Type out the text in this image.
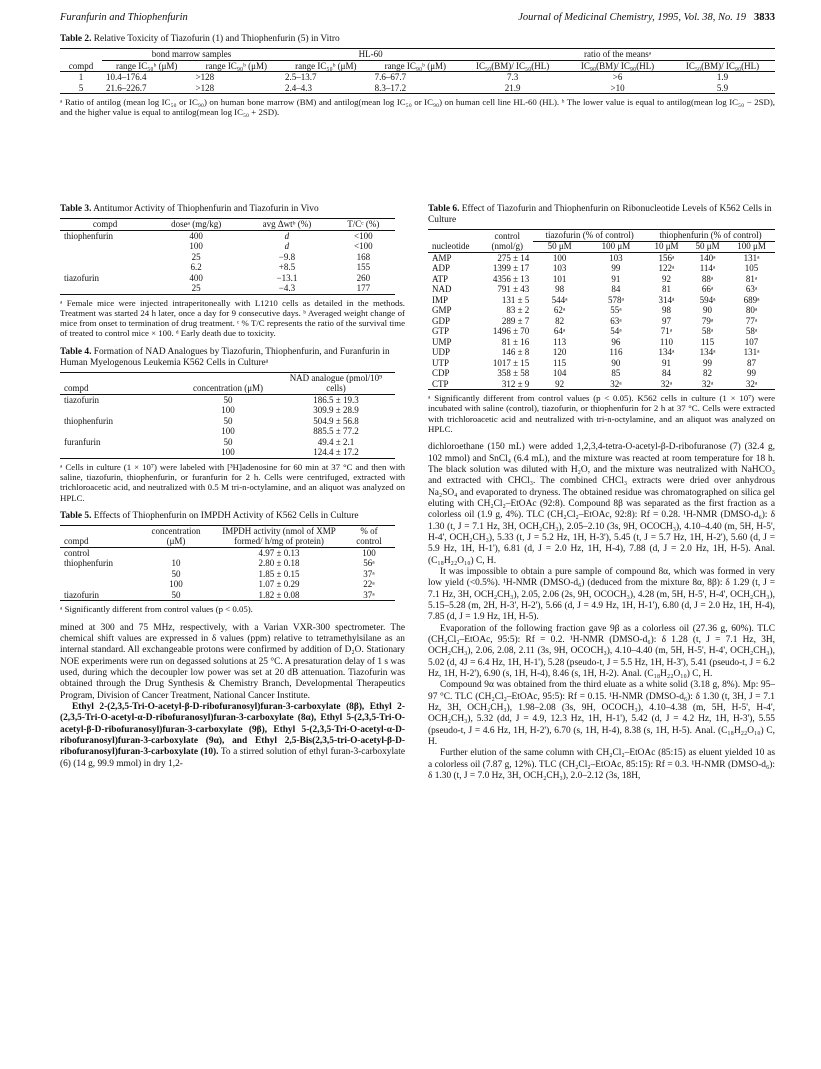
Furanfurin and Thiophenfurin	Journal of Medicinal Chemistry, 1995, Vol. 38, No. 19 3833
Table 2. Relative Toxicity of Tiazofurin (1) and Thiophenfurin (5) in Vitro
	bond marrow samples		HL-60		ratio of the meansᵃ		
compd	range IC₅₀ᵇ (μM)	range IC₉₀ᵇ (μM)	range IC₅₀ᵇ (μM)	range IC₉₀ᵇ (μM)	IC₅₀(BM)/ IC₅₀(HL)	IC₉₀(BM)/ IC₉₀(HL)	IC₅₀(BM)/ IC₉₀(HL)
1	10.4–176.4	>128	2.5–13.7	7.6–67.7	7.3	>6	1.9
5	21.6–226.7	>128	2.4–4.3	8.3–17.2	21.9	>10	5.9
ᵃ Ratio of antilog (mean log IC₅₀ or IC₉₀) on human bone marrow (BM) and antilog(mean log IC₅₀ or IC₉₀) on human cell line HL-60 (HL). ᵇ The lower value is equal to antilog(mean log IC₅₀ − 2SD), and the higher value is equal to antilog(mean log IC₅₀ + 2SD).
Table 3. Antitumor Activity of Thiophenfurin and Tiazofurin in Vivo
compd	doseᵃ (mg/kg)	avg Δwtᵇ (%)	T/Cᶜ (%)
thiophenfurin	400	d	<100
	100	d	<100
	25	−9.8	168
	6.2	+8.5	155
tiazofurin	400	−13.1	260
	25	−4.3	177
ᵃ Female mice were injected intraperitoneally with L1210 cells as detailed in the methods. Treatment was started 24 h later, once a day for 9 consecutive days. ᵇ Averaged weight change of mice from onset to termination of drug treatment. ᶜ % T/C represents the ratio of the survival time of treated to control mice × 100. ᵈ Early death due to toxicity.
Table 4. Formation of NAD Analogues by Tiazofurin, Thiophenfurin, and Furanfurin in Human Myelogenous Leukemia K562 Cells in Cultureᵃ
compd	concentration (μM)	NAD analogue (pmol/10⁹ cells)
tiazofurin	50	186.5 ± 19.3
	100	309.9 ± 28.9
thiophenfurin	50	504.9 ± 56.8
	100	885.5 ± 77.2
furanfurin	50	49.4 ± 2.1
	100	124.4 ± 17.2
ᵃ Cells in culture (1 × 10⁷) were labeled with [³H]adenosine for 60 min at 37 °C and then with saline, tiazofurin, thiophenfurin, or furanfurin for 2 h. Cells were centrifuged, extracted with trichloroacetic acid, and neutralized with 0.5 M tri-n-octylamine, and an aliquot was analyzed on HPLC.
Table 5. Effects of Thiophenfurin on IMPDH Activity of K562 Cells in Culture
compd	concentration (μM)	IMPDH activity (nmol of XMP formed/ h/mg of protein)	% of control
control		4.97 ± 0.13	100
thiophenfurin	10	2.80 ± 0.18	56ᵃ
	50	1.85 ± 0.15	37ᵃ
	100	1.07 ± 0.29	22ᵃ
tiazofurin	50	1.82 ± 0.08	37ᵃ
ᵃ Significantly different from control values (p < 0.05).

mined at 300 and 75 MHz, respectively, with a Varian VXR-300 spectrometer. The chemical shift values are expressed in δ values (ppm) relative to tetramethylsilane as an internal standard. All exchangeable protons were confirmed by addition of D₂O. Stationary NOE experiments were run on degassed solutions at 25 °C. A presaturation delay of 1 s was used, during which the decoupler low power was set at 20 dB attenuation. Tiazofurin was obtained through the Drug Synthesis & Chemistry Branch, Developmental Therapeutics Program, Division of Cancer Treatment, National Cancer Institute.

Ethyl 2-(2,3,5-Tri-O-acetyl-β-D-ribofuranosyl)furan-3-carboxylate (8β), Ethyl 2-(2,3,5-Tri-O-acetyl-α-D-ribofuranosyl)furan-3-carboxylate (8α), Ethyl 5-(2,3,5-Tri-O-acetyl-β-D-ribofuranosyl)furan-3-carboxylate (9β), Ethyl 5-(2,3,5-Tri-O-acetyl-α-D-ribofuranosyl)furan-3-carboxylate (9α), and Ethyl 2,5-Bis(2,3,5-tri-O-acetyl-β-D-ribofuranosyl)furan-3-carboxylate (10). To a stirred solution of ethyl furan-3-carboxylate (6) (14 g, 99.9 mmol) in dry 1,2-

Table 6. Effect of Tiazofurin and Thiophenfurin on Ribonucleotide Levels of K562 Cells in Culture
	control	tiazofurin (% of control)		thiophenfurin (% of control)		

nucleotide	(nmol/g)	50 μM	100 μM	10 μM	50 μM	100 μM
AMP	275 ± 14	100	103	156ᵃ	140ᵃ	131ᵃ
ADP	1399 ± 17	103	99	122ᵃ	114ᵃ	105
ATP	4356 ± 13	101	91	92	88ᵃ	81ᵃ
NAD	791 ± 43	98	84	81	66ᵃ	63ᵃ
IMP	131 ± 5	544ᵃ	578ᵃ	314ᵃ	594ᵃ	689ᵃ
GMP	83 ± 2	62ᵃ	55ᵃ	98	90	80ᵃ
GDP	289 ± 7	82	63ᵃ	97	79ᵃ	77ᵃ
GTP	1496 ± 70	64ᵃ	54ᵃ	71ᵃ	58ᵃ	58ᵃ
UMP	81 ± 16	113	96	110	115	107
UDP	146 ± 8	120	116	134ᵃ	134ᵃ	131ᵃ
UTP	1017 ± 15	115	90	91	99	87
CDP	358 ± 58	104	85	84	82	99
CTP	312 ± 9	92	32ᵃ	32ᵃ	32ᵃ	32ᵃ
ᵃ Significantly different from control values (p < 0.05). K562 cells in culture (1 × 10⁷) were incubated with saline (control), tiazofurin, or thiophenfurin for 2 h at 37 °C. Cells were extracted with trichloroacetic acid and neutralized with tri-n-octylamine, and an aliquot was analyzed on HPLC.

dichloroethane (150 mL) were added 1,2,3,4-tetra-O-acetyl-β-D-ribofuranose (7) (32.4 g, 102 mmol) and SnCl₄ (6.4 mL), and the mixture was reacted at room temperature for 18 h. The black solution was diluted with H₂O, and the mixture was neutralized with NaHCO₃ and extracted with CHCl₃. The combined CHCl₃ extracts were dried over anhydrous Na₂SO₄ and evaporated to dryness. The obtained residue was chromatographed on silica gel eluting with CH₂Cl₂–EtOAc (92:8). Compound 8β was separated as the first fraction as a colorless oil (1.9 g, 4%). TLC (CH₂Cl₂–EtOAc, 92:8): Rf = 0.28. ¹H-NMR (DMSO-d₆): δ 1.30 (t, J = 7.1 Hz, 3H, OCH₂CH₃), 2.05–2.10 (3s, 9H, OCOCH₃), 4.10–4.40 (m, 5H, H-5', H-4', OCH₂CH₃), 5.33 (t, J = 5.2 Hz, 1H, H-3'), 5.45 (t, J = 5.7 Hz, 1H, H-2'), 5.60 (d, J = 5.9 Hz, 1H, H-1'), 6.81 (d, J = 2.0 Hz, 1H, H-4), 7.88 (d, J = 2.0 Hz, 1H, H-5). Anal. (C₁₈H₂₂O₁₀) C, H.

It was impossible to obtain a pure sample of compound 8α, which was formed in very low yield (<0.5%). ¹H-NMR (DMSO-d₆) (deduced from the mixture 8α, 8β): δ 1.29 (t, J = 7.1 Hz, 3H, OCH₂CH₃), 2.05, 2.06 (2s, 9H, OCOCH₃), 4.28 (m, 5H, H-5', H-4', OCH₂CH₃), 5.15–5.28 (m, 2H, H-3', H-2'), 5.66 (d, J = 4.9 Hz, 1H, H-1'), 6.80 (d, J = 2.0 Hz, 1H, H-4), 7.85 (d, J = 1.9 Hz, 1H, H-5).

Evaporation of the following fraction gave 9β as a colorless oil (27.36 g, 60%). TLC (CH₂Cl₂–EtOAc, 95:5): Rf = 0.2. ¹H-NMR (DMSO-d₆): δ 1.28 (t, J = 7.1 Hz, 3H, OCH₂CH₃), 2.06, 2.08, 2.11 (3s, 9H, OCOCH₃), 4.10–4.40 (m, 5H, H-5', H-4', OCH₂CH₃), 5.02 (d, 4J = 6.4 Hz, 1H, H-1'), 5.28 (pseudo-t, J = 5.5 Hz, 1H, H-3'), 5.41 (pseudo-t, J = 6.2 Hz, 1H, H-2'), 6.90 (s, 1H, H-4), 8.46 (s, 1H, H-2). Anal. (C₁₈H₂₂O₁₀) C, H.

Compound 9α was obtained from the third eluate as a white solid (3.18 g, 8%). Mp: 95–97 °C. TLC (CH₂Cl₂–EtOAc, 95:5): Rf = 0.15. ¹H-NMR (DMSO-d₆): δ 1.30 (t, 3H, J = 7.1 Hz, 3H, OCH₂CH₃), 1.98–2.08 (3s, 9H, OCOCH₃), 4.10–4.38 (m, 5H, H-5', H-4', OCH₂CH₃), 5.32 (dd, J = 4.9, 12.3 Hz, 1H, H-1'), 5.42 (d, J = 4.2 Hz, 1H, H-3'), 5.55 (pseudo-t, J = 4.6 Hz, 1H, H-2'), 6.70 (s, 1H, H-4), 8.38 (s, 1H, H-5). Anal. (C₁₈H₂₂O₁₀) C, H.

Further elution of the same column with CH₂Cl₂–EtOAc (85:15) as eluent yielded 10 as a colorless oil (7.87 g, 12%). TLC (CH₂Cl₂–EtOAc, 85:15): Rf = 0.3. ¹H-NMR (DMSO-d₆): δ 1.30 (t, J = 7.0 Hz, 3H, OCH₂CH₃), 2.0–2.12 (3s, 18H,
